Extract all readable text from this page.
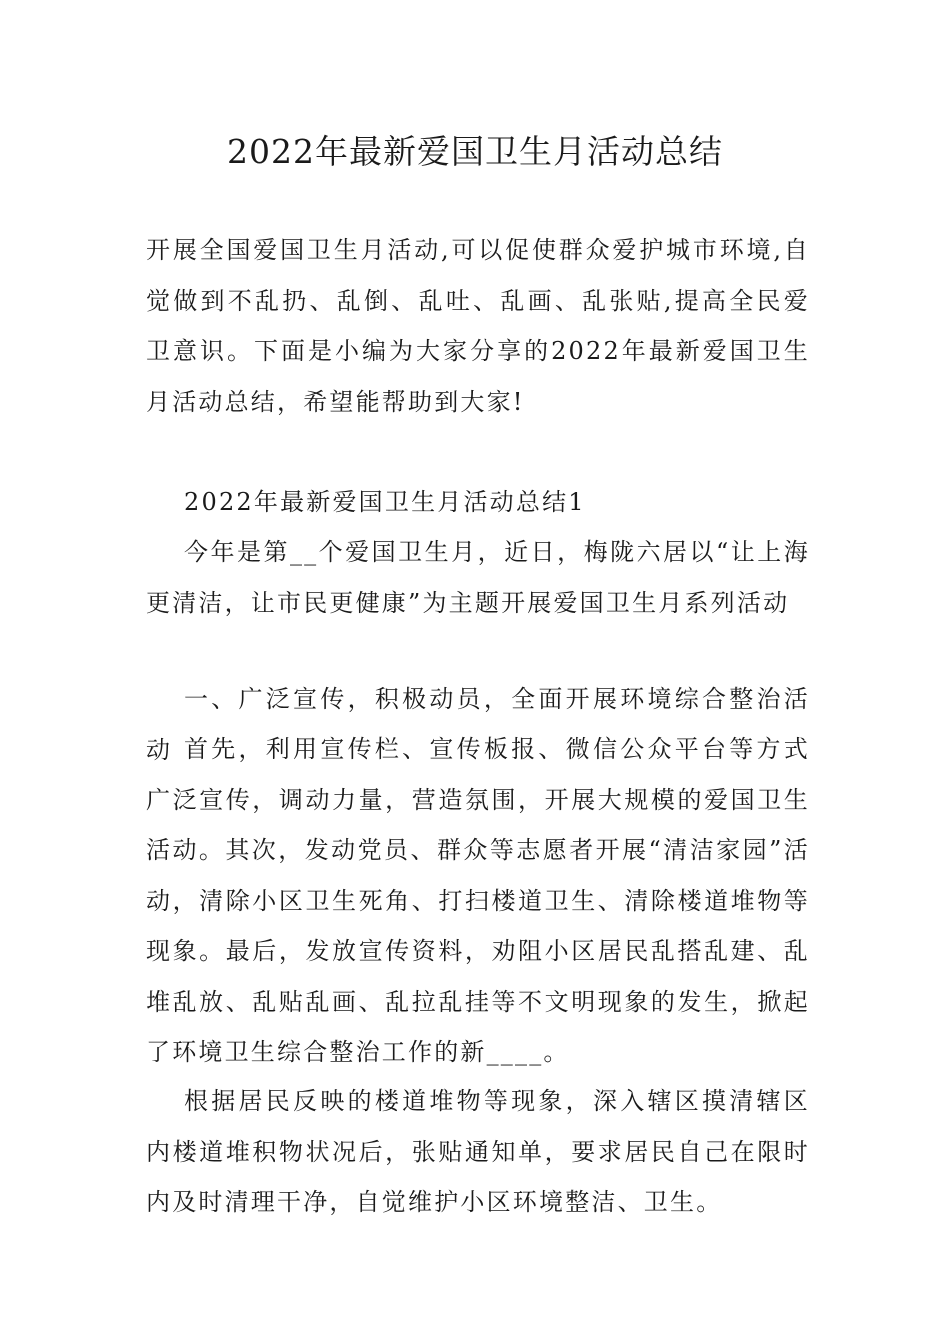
2022年最新爱国卫生月活动总结

开展全国爱国卫生月活动,可以促使群众爱护城市环境,自觉做到不乱扔、乱倒、乱吐、乱画、乱张贴,提高全民爱卫意识。下面是小编为大家分享的2022年最新爱国卫生月活动总结，希望能帮助到大家!

2022年最新爱国卫生月活动总结1

今年是第__个爱国卫生月，近日，梅陇六居以“让上海更清洁，让市民更健康”为主题开展爱国卫生月系列活动

一、广泛宣传，积极动员，全面开展环境综合整治活动 首先，利用宣传栏、宣传板报、微信公众平台等方式广泛宣传，调动力量，营造氛围，开展大规模的爱国卫生活动。其次，发动党员、群众等志愿者开展“清洁家园”活动，清除小区卫生死角、打扫楼道卫生、清除楼道堆物等现象。最后，发放宣传资料，劝阻小区居民乱搭乱建、乱堆乱放、乱贴乱画、乱拉乱挂等不文明现象的发生，掀起了环境卫生综合整治工作的新____。

根据居民反映的楼道堆物等现象，深入辖区摸清辖区内楼道堆积物状况后，张贴通知单，要求居民自己在限时内及时清理干净，自觉维护小区环境整洁、卫生。
